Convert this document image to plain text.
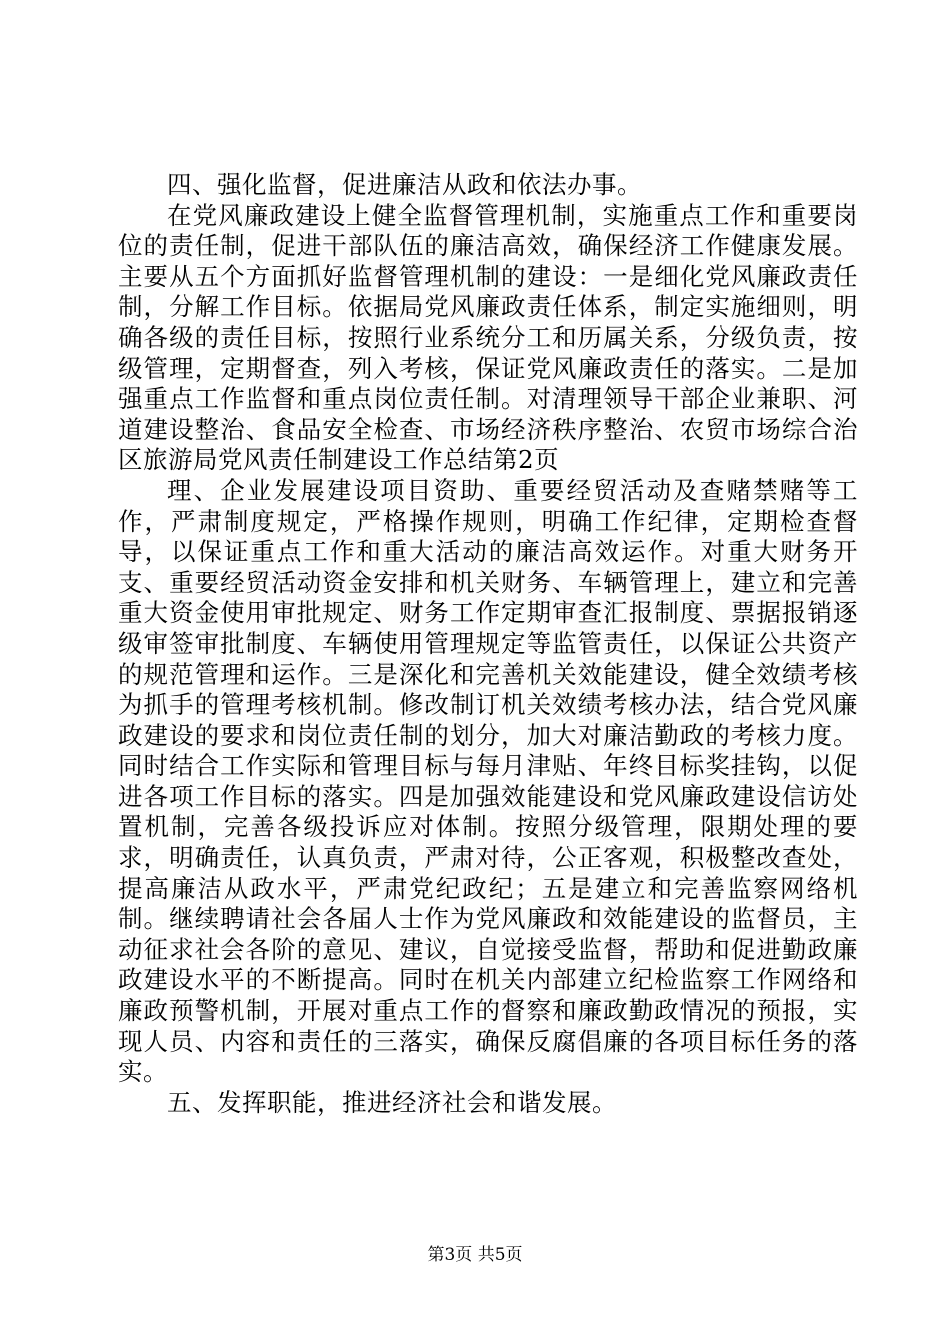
四、强化监督，促进廉洁从政和依法办事。

在党风廉政建设上健全监督管理机制，实施重点工作和重要岗位的责任制，促进干部队伍的廉洁高效，确保经济工作健康发展。主要从五个方面抓好监督管理机制的建设：一是细化党风廉政责任制，分解工作目标。依据局党风廉政责任体系，制定实施细则，明确各级的责任目标，按照行业系统分工和历属关系，分级负责，按级管理，定期督查，列入考核，保证党风廉政责任的落实。二是加强重点工作监督和重点岗位责任制。对清理领导干部企业兼职、河道建设整治、食品安全检查、市场经济秩序整治、农贸市场综合治区旅游局党风责任制建设工作总结第2页

理、企业发展建设项目资助、重要经贸活动及查赌禁赌等工作，严肃制度规定，严格操作规则，明确工作纪律，定期检查督导，以保证重点工作和重大活动的廉洁高效运作。对重大财务开支、重要经贸活动资金安排和机关财务、车辆管理上，建立和完善重大资金使用审批规定、财务工作定期审查汇报制度、票据报销逐级审签审批制度、车辆使用管理规定等监管责任，以保证公共资产的规范管理和运作。三是深化和完善机关效能建设，健全效绩考核为抓手的管理考核机制。修改制订机关效绩考核办法，结合党风廉政建设的要求和岗位责任制的划分，加大对廉洁勤政的考核力度。同时结合工作实际和管理目标与每月津贴、年终目标奖挂钩，以促进各项工作目标的落实。四是加强效能建设和党风廉政建设信访处置机制，完善各级投诉应对体制。按照分级管理，限期处理的要求，明确责任，认真负责，严肃对待，公正客观，积极整改查处，提高廉洁从政水平，严肃党纪政纪；五是建立和完善监察网络机制。继续聘请社会各届人士作为党风廉政和效能建设的监督员，主动征求社会各阶的意见、建议，自觉接受监督，帮助和促进勤政廉政建设水平的不断提高。同时在机关内部建立纪检监察工作网络和廉政预警机制，开展对重点工作的督察和廉政勤政情况的预报，实现人员、内容和责任的三落实，确保反腐倡廉的各项目标任务的落实。

五、发挥职能，推进经济社会和谐发展。

第3页 共5页
